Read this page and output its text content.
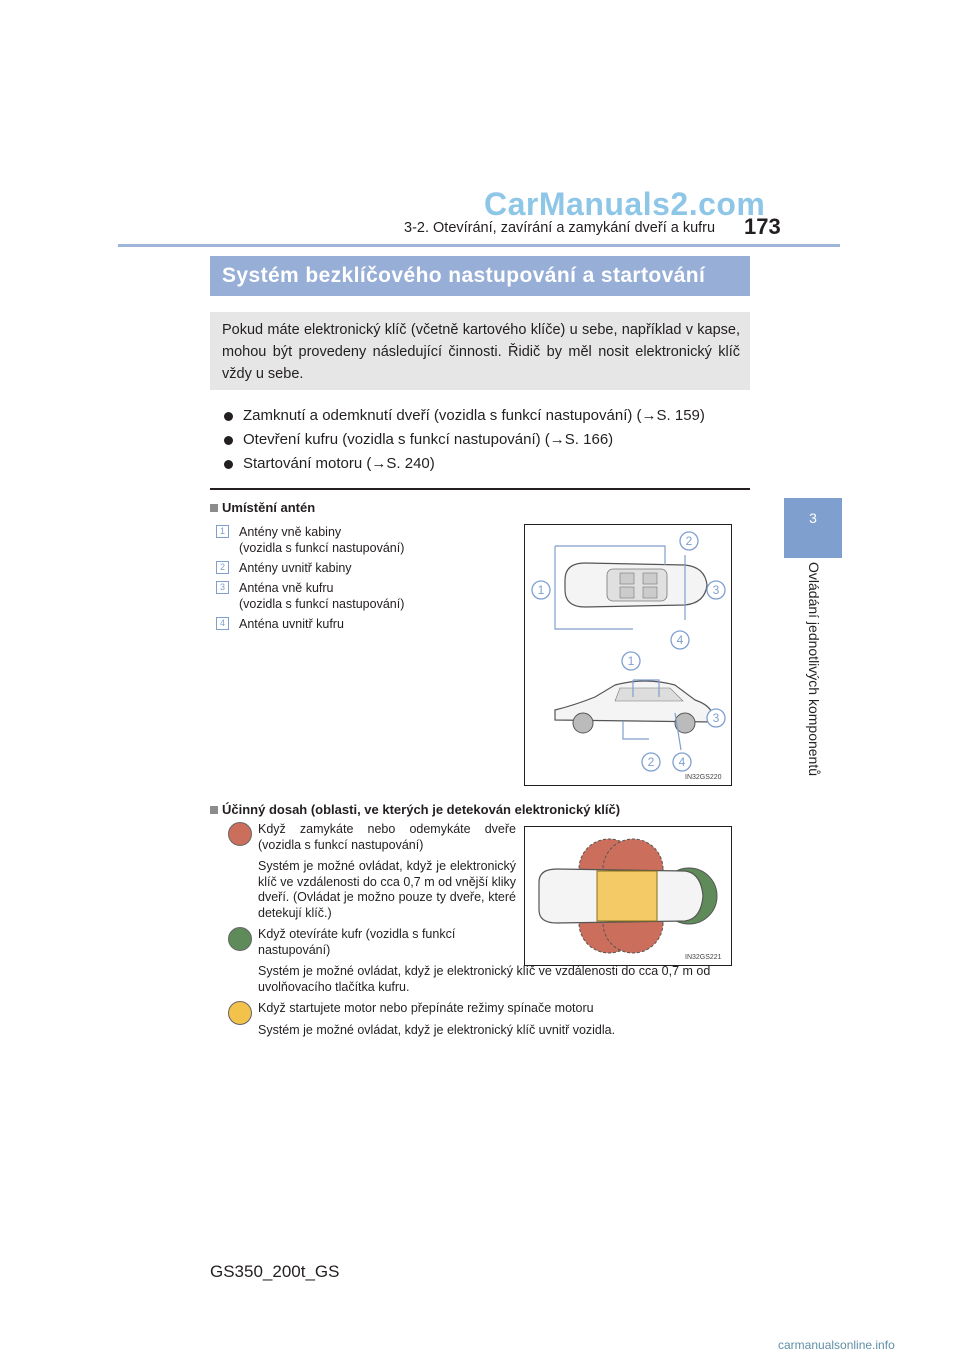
CarManuals2.com
3-2. Otevírání, zavírání a zamykání dveří a kufru 173
3
Ovládání jednotlivých komponentů
Systém bezklíčového nastupování a startování
Pokud máte elektronický klíč (včetně kartového klíče) u sebe, například v kapse, mohou být provedeny následující činnosti. Řidič by měl nosit elektronický klíč vždy u sebe.
Zamknutí a odemknutí dveří (vozidla s funkcí nastupování) (→S. 159)
Otevření kufru (vozidla s funkcí nastupování) (→S. 166)
Startování motoru (→S. 240)
Umístění antén
1	Antény vně kabiny
(vozidla s funkcí nastupování)
2	Antény uvnitř kabiny
3	Anténa vně kufru
(vozidla s funkcí nastupování)
4	Anténa uvnitř kufru
1
2
3
4
1
3
2 4
IN32GS220
Účinný dosah (oblasti, ve kterých je detekován elektronický klíč)
IN32GS221
Když zamykáte nebo odemykáte dveře (vozidla s funkcí nastupování)
Systém je možné ovládat, když je elektronický klíč ve vzdálenosti do cca 0,7 m od vnější kliky dveří. (Ovládat je možno pouze ty dveře, které detekují klíč.)
Když otevíráte kufr (vozidla s funkcí nastupování)
Systém je možné ovládat, když je elektronický klíč ve vzdálenosti do cca 0,7 m od uvolňovacího tlačítka kufru.
Když startujete motor nebo přepínáte režimy spínače motoru
Systém je možné ovládat, když je elektronický klíč uvnitř vozidla.
GS350_200t_GS
carmanualsonline.info
